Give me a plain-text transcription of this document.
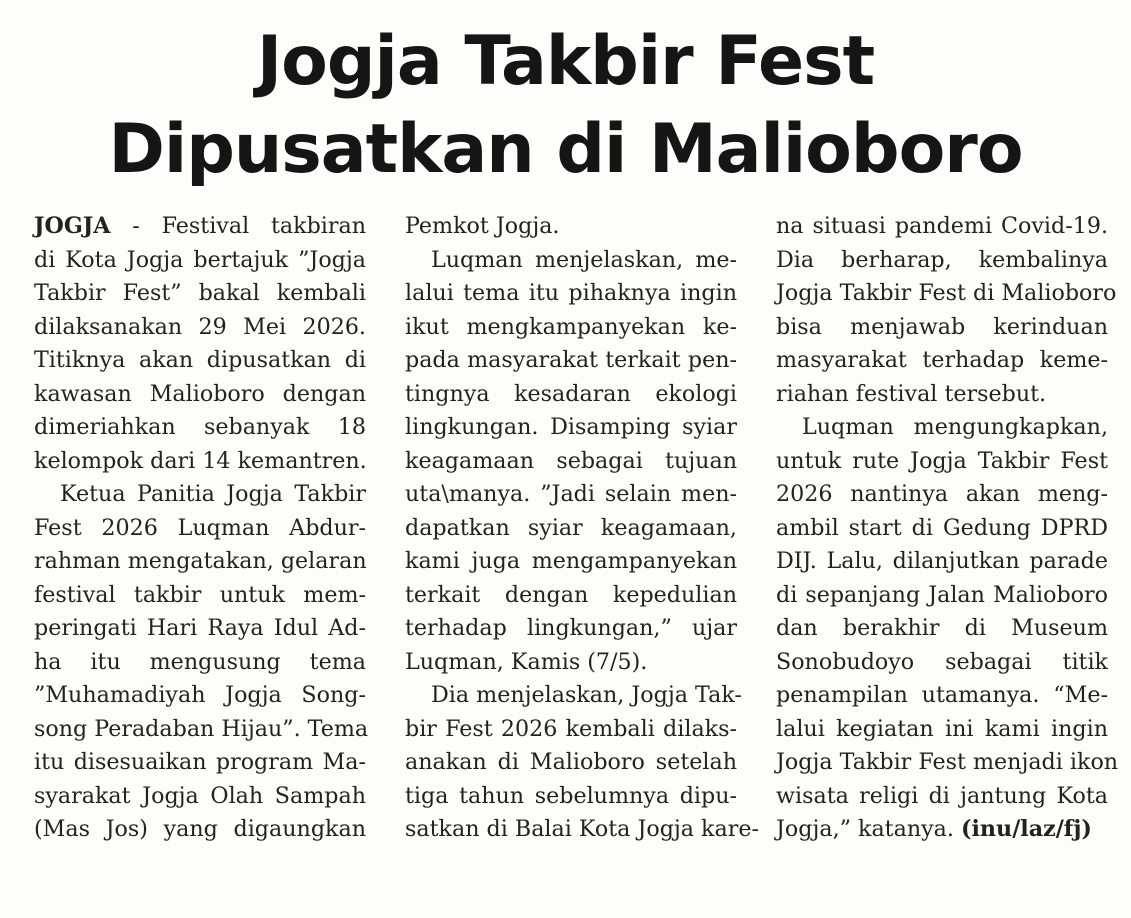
Jogja Takbir Fest
Dipusatkan di Malioboro
JOGJA - Festival takbiran
di Kota Jogja bertajuk ”Jogja
Takbir Fest” bakal kembali
dilaksanakan 29 Mei 2026.
Titiknya akan dipusatkan di
kawasan Malioboro dengan
dimeriahkan sebanyak 18
kelompok dari 14 kemantren.
Ketua Panitia Jogja Takbir
Fest 2026 Luqman Abdur-
rahman mengatakan, gelaran
festival takbir untuk mem-
peringati Hari Raya Idul Ad-
ha itu mengusung tema
”Muhamadiyah Jogja Song-
song Peradaban Hijau”. Tema
itu disesuaikan program Ma-
syarakat Jogja Olah Sampah
(Mas Jos) yang digaungkan
Pemkot Jogja.
Luqman menjelaskan, me-
lalui tema itu pihaknya ingin
ikut mengkampanyekan ke-
pada masyarakat terkait pen-
tingnya kesadaran ekologi
lingkungan. Disamping syiar
keagamaan sebagai tujuan
uta\manya. ”Jadi selain men-
dapatkan syiar keagamaan,
kami juga mengampanyekan
terkait dengan kepedulian
terhadap lingkungan,” ujar
Luqman, Kamis (7/5).
Dia menjelaskan, Jogja Tak-
bir Fest 2026 kembali dilaks-
anakan di Malioboro setelah
tiga tahun sebelumnya dipu-
satkan di Balai Kota Jogja kare-
na situasi pandemi Covid-19.
Dia berharap, kembalinya
Jogja Takbir Fest di Malioboro
bisa menjawab kerinduan
masyarakat terhadap keme-
riahan festival tersebut.
Luqman mengungkapkan,
untuk rute Jogja Takbir Fest
2026 nantinya akan meng-
ambil start di Gedung DPRD
DIJ. Lalu, dilanjutkan parade
di sepanjang Jalan Malioboro
dan berakhir di Museum
Sonobudoyo sebagai titik
penampilan utamanya. “Me-
lalui kegiatan ini kami ingin
Jogja Takbir Fest menjadi ikon
wisata religi di jantung Kota
Jogja,” katanya. (inu/laz/fj)
